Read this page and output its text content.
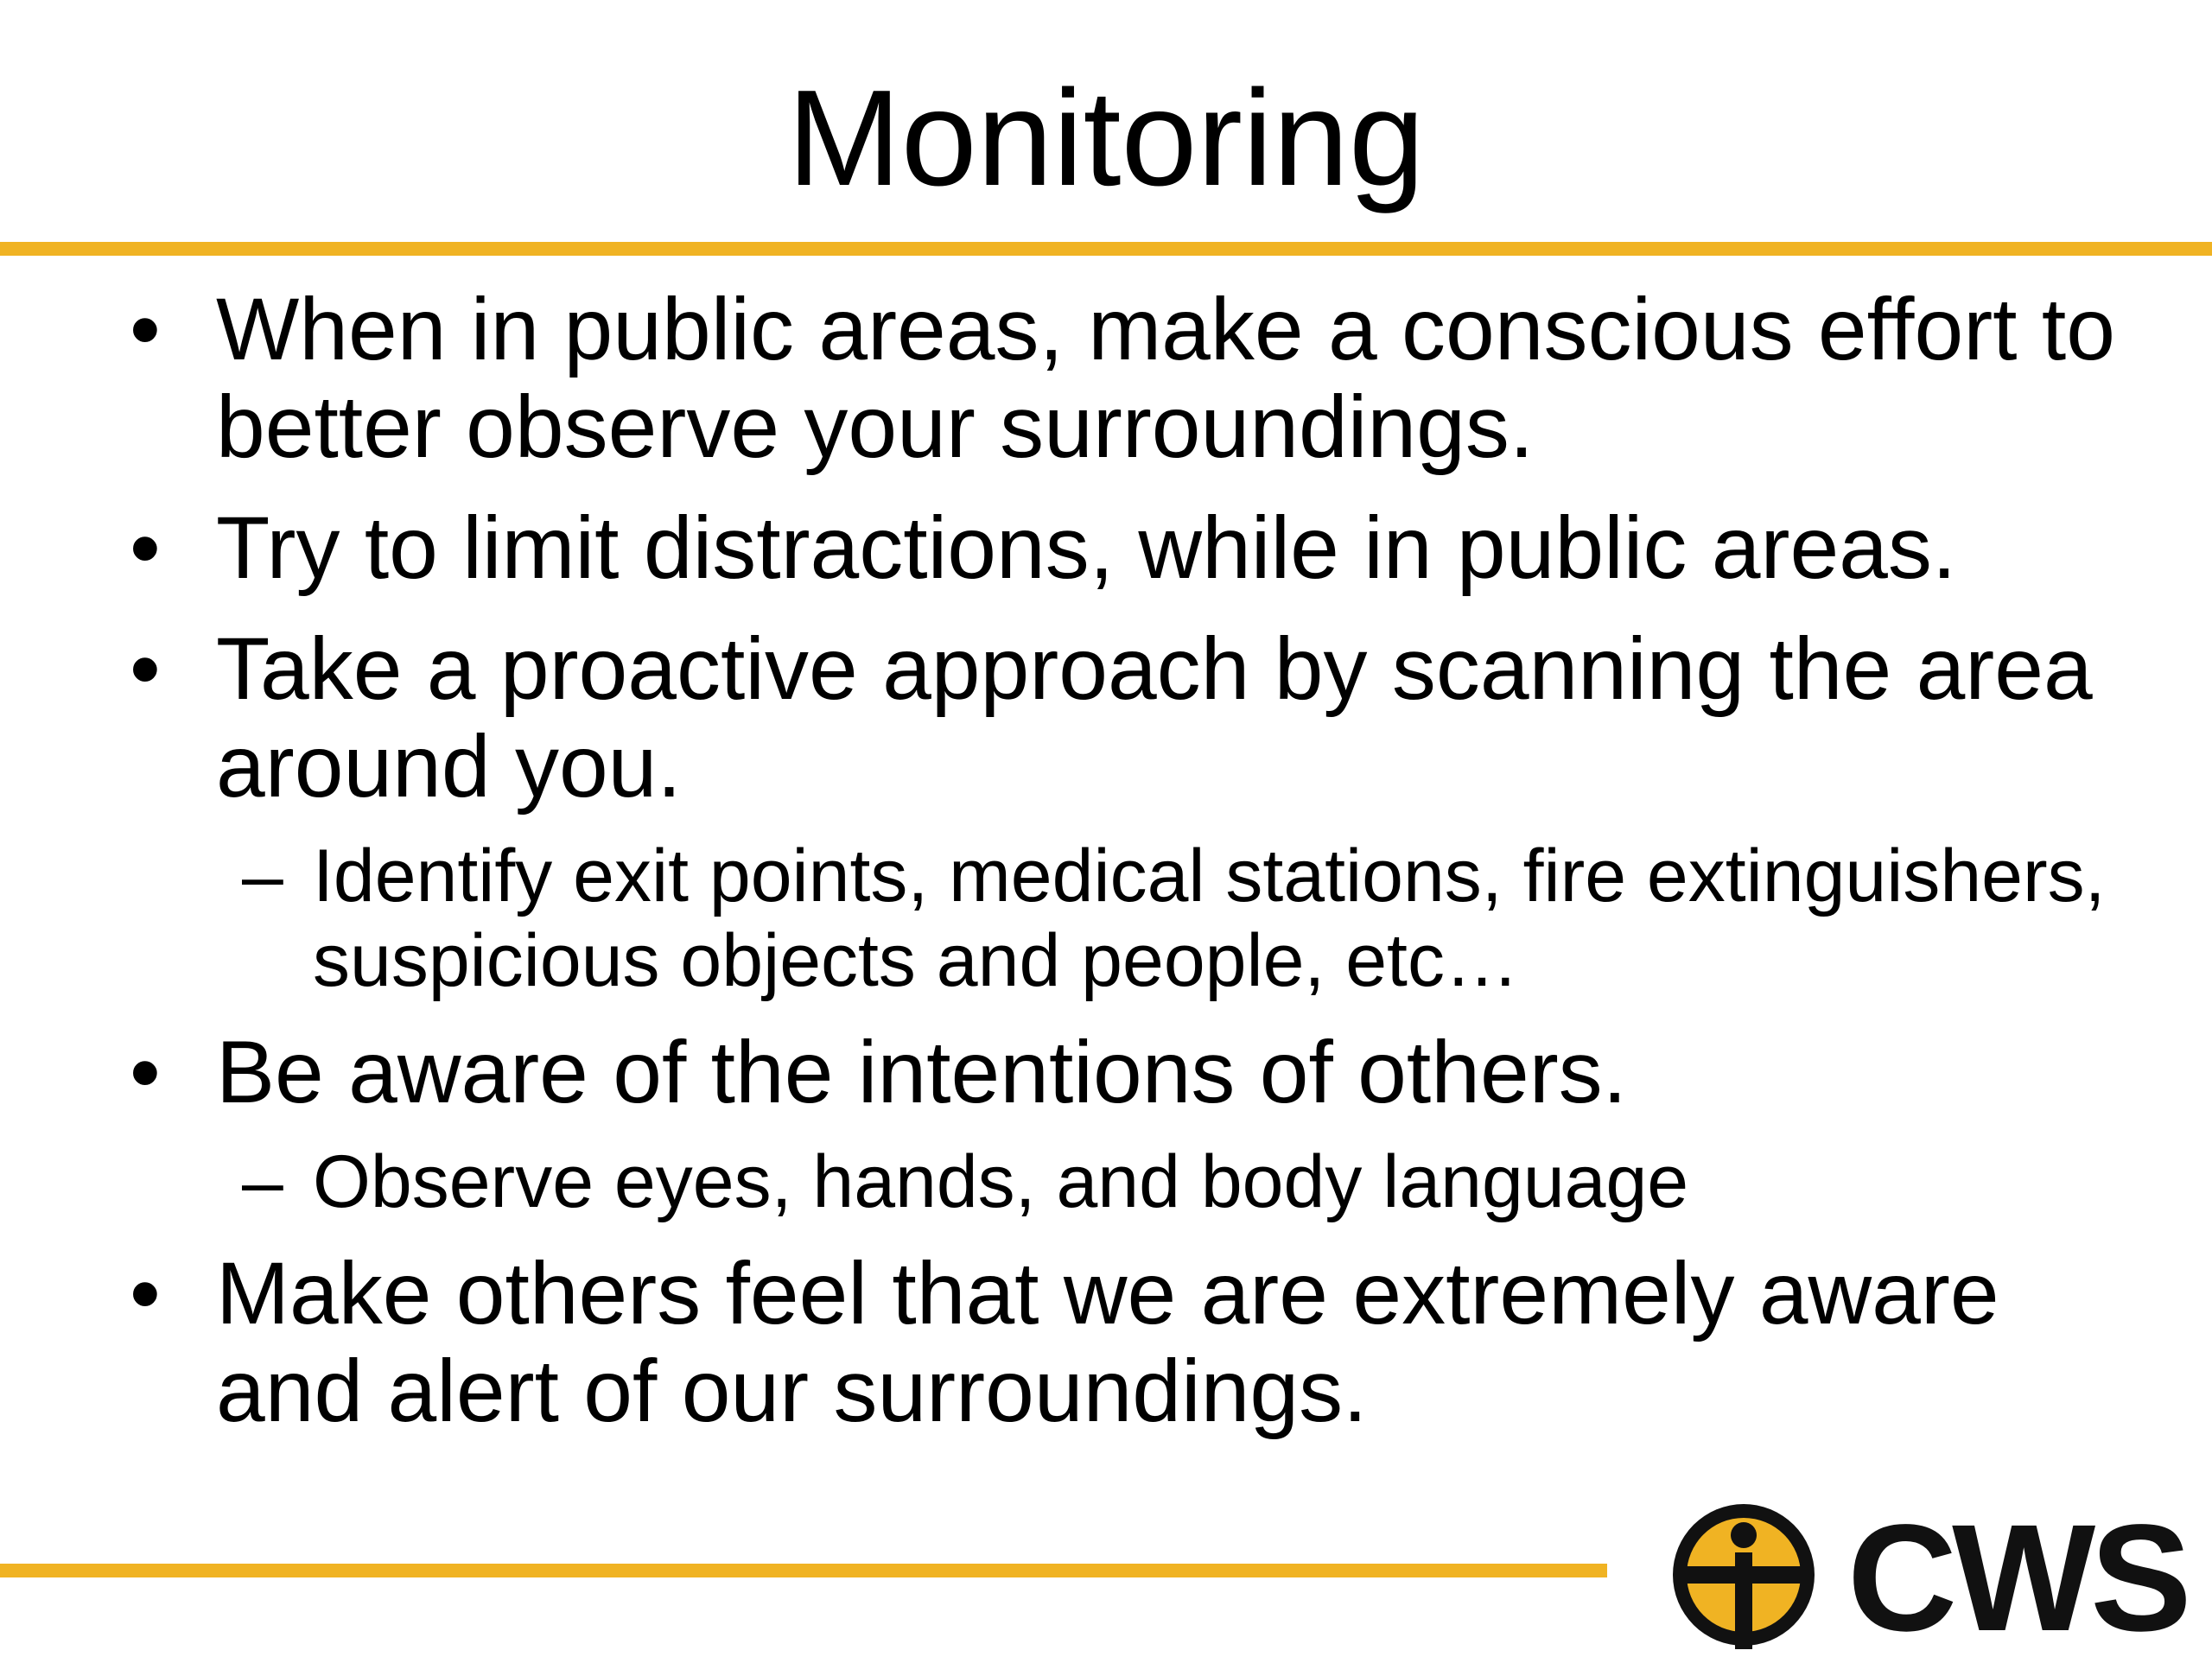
Monitoring
• When in public areas, make a conscious effort to better observe your surroundings.
• Try to limit distractions, while in public areas.
• Take a proactive approach by scanning the area around you.
– Identify exit points, medical stations, fire extinguishers, suspicious objects and people, etc…
• Be aware of the intentions of others.
– Observe eyes, hands, and body language
• Make others feel that we are extremely aware and alert of our surroundings.
CWS
